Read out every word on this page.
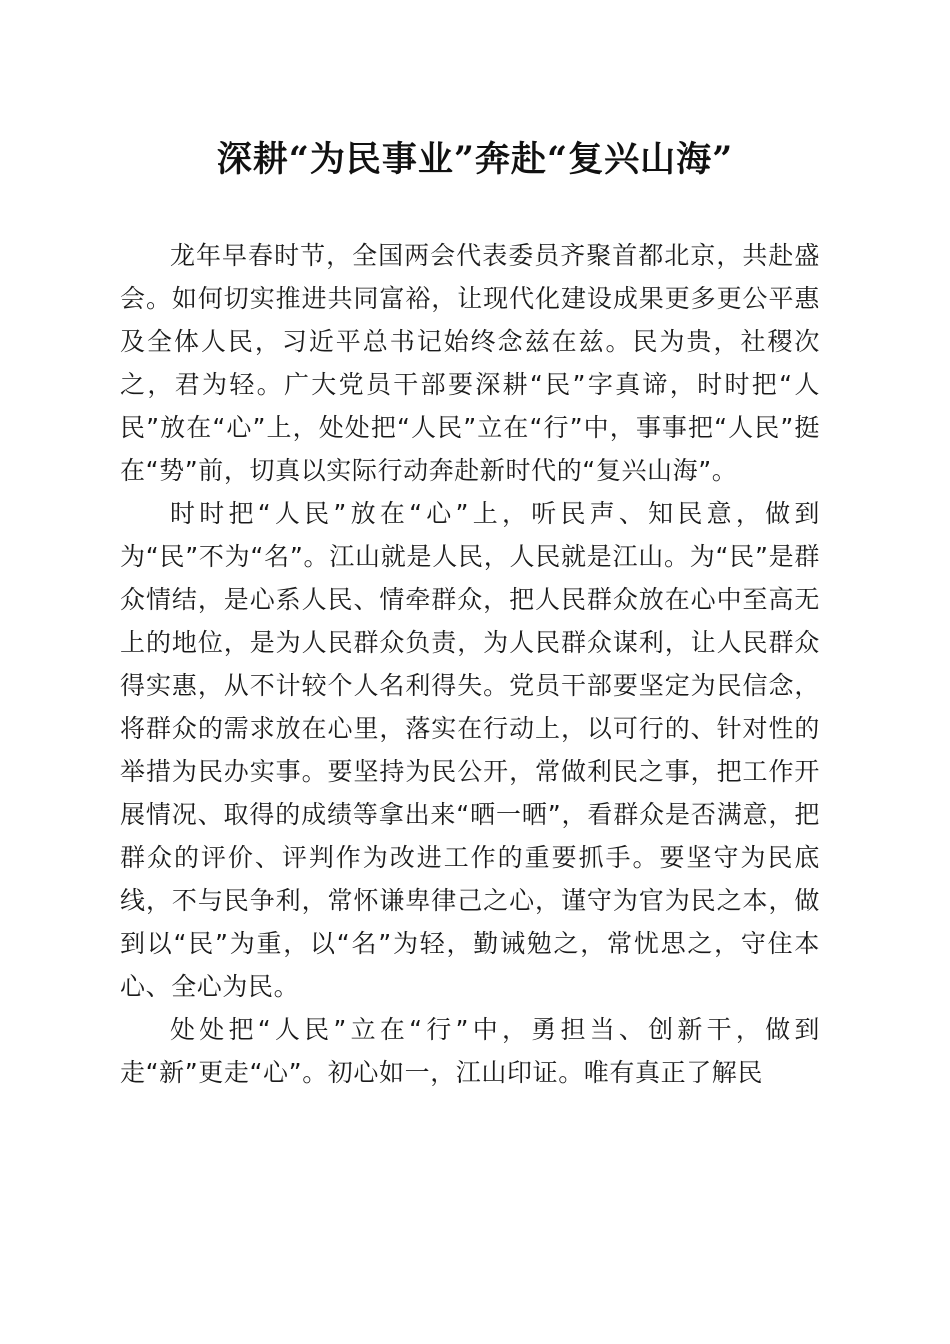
深耕“为民事业”奔赴“复兴山海”

龙年早春时节，全国两会代表委员齐聚首都北京，共赴盛会。如何切实推进共同富裕，让现代化建设成果更多更公平惠及全体人民，习近平总书记始终念兹在兹。民为贵，社稷次之，君为轻。广大党员干部要深耕“民”字真谛，时时把“人民”放在“心”上，处处把“人民”立在“行”中，事事把“人民”挺在“势”前，切真以实际行动奔赴新时代的“复兴山海”。

时时把“人民”放在“心”上，听民声、知民意，做到为“民”不为“名”。江山就是人民，人民就是江山。为“民”是群众情结，是心系人民、情牵群众，把人民群众放在心中至高无上的地位，是为人民群众负责，为人民群众谋利，让人民群众得实惠，从不计较个人名利得失。党员干部要坚定为民信念，将群众的需求放在心里，落实在行动上，以可行的、针对性的举措为民办实事。要坚持为民公开，常做利民之事，把工作开展情况、取得的成绩等拿出来“晒一晒”，看群众是否满意，把群众的评价、评判作为改进工作的重要抓手。要坚守为民底线，不与民争利，常怀谦卑律己之心，谨守为官为民之本，做到以“民”为重，以“名”为轻，勤诫勉之，常忧思之，守住本心、全心为民。

处处把“人民”立在“行”中，勇担当、创新干，做到走“新”更走“心”。初心如一，江山印证。唯有真正了解民
